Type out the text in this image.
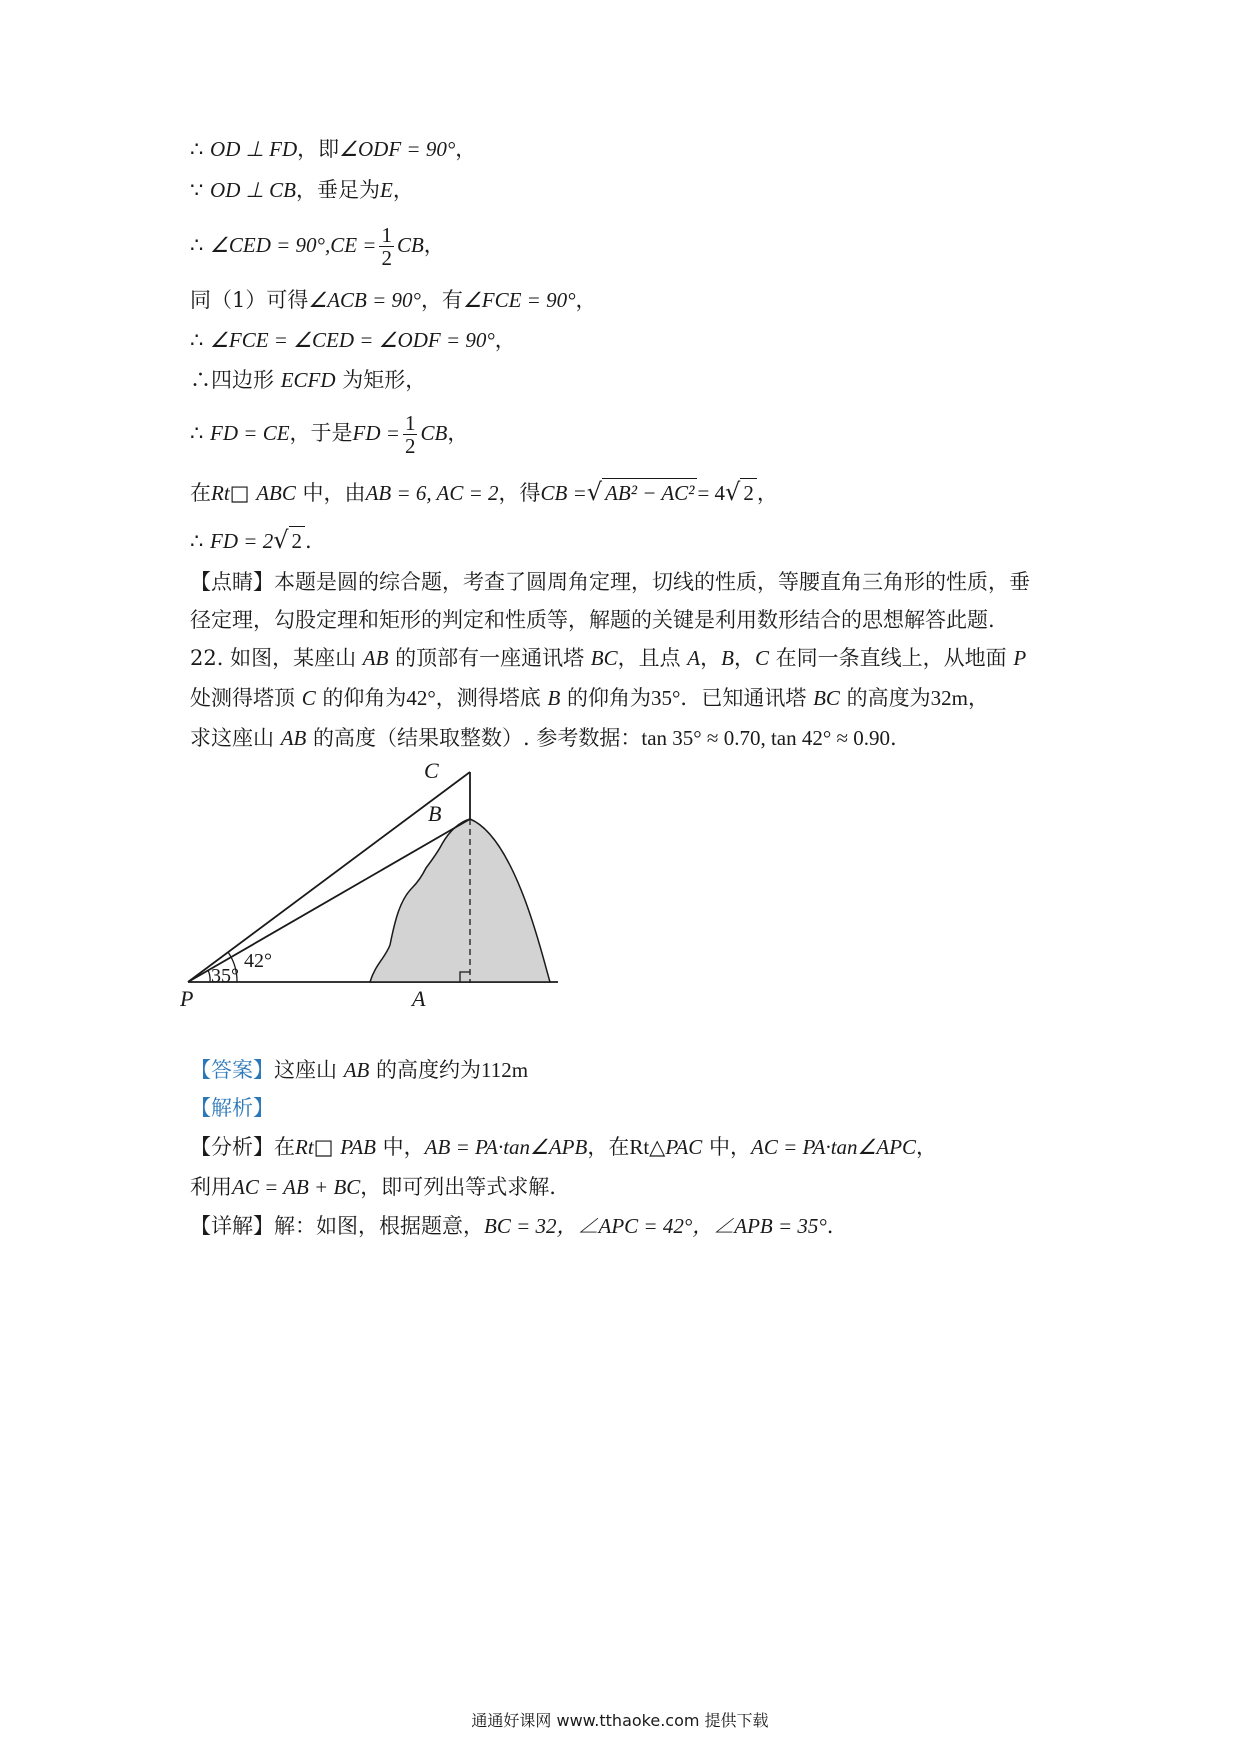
∴ OD ⊥ FD，即∠ODF = 90°，
∵ OD ⊥ CB，垂足为E，
∴ ∠CED = $90^\circ,CE = \frac{1}{2}$ CB，
同（1）可得∠ACB = 90°，有∠FCE = 90°，
∴ ∠FCE = ∠CED = ∠ODF = 90°，
∴四边形 ECFD 为矩形，
∴ FD = CE，于是FD = $\frac{1}{2}$ CB，
在Rt□ ABC 中，由AB = 6, AC = 2，得CB =√ AB² − AC² = 4√ 2 ，
∴ FD = 2√ 2 .
【点睛】本题是圆的综合题，考查了圆周角定理，切线的性质，等腰直角三角形的性质，垂
径定理，勾股定理和矩形的判定和性质等，解题的关键是利用数形结合的思想解答此题.
22. 如图，某座山 AB 的顶部有一座通讯塔 BC，且点 A，B，C 在同一条直线上，从地面 P
处测得塔顶 C 的仰角为42°，测得塔底 B 的仰角为35°．已知通讯塔 BC 的高度为32m，
求这座山 AB 的高度（结果取整数）. 参考数据：tan 35° ≈ 0.70, tan 42° ≈ 0.90.
C
B
P	A
42°
35°
【答案】这座山 AB 的高度约为112m
【解析】
【分析】在Rt□ PAB 中，AB = PA·tan∠APB，在Rt△PAC 中，AC = PA·tan∠APC，
利用AC = AB + BC，即可列出等式求解.
【详解】解：如图，根据题意，BC = 32，∠APC = 42°，∠APB = 35°.
通通好课网 www.tthaoke.com 提供下载
